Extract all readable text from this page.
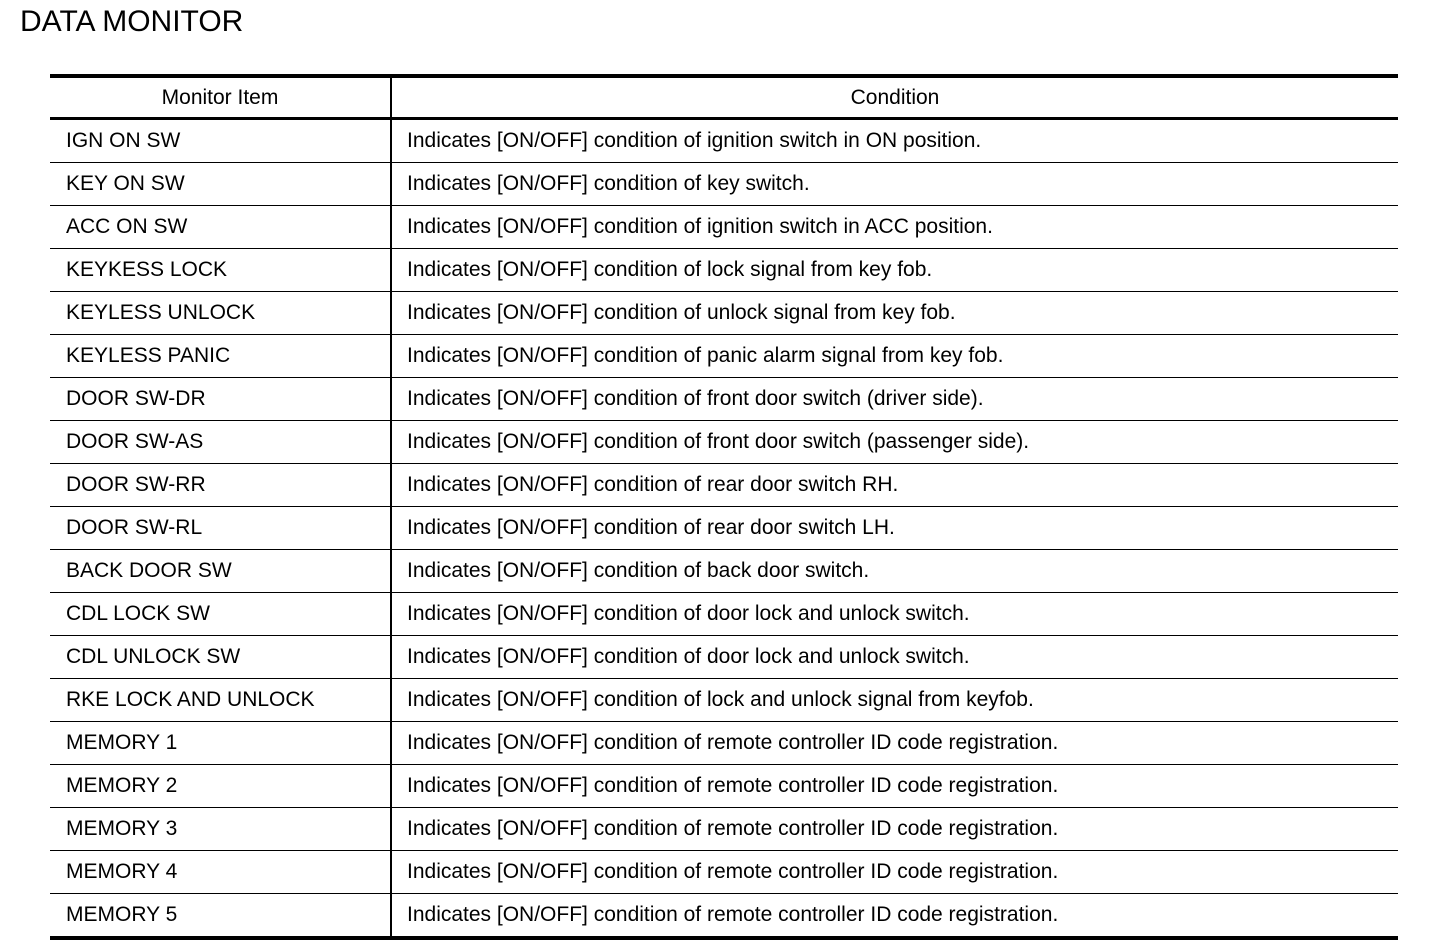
DATA MONITOR
Monitor Item	Condition
IGN ON SW	Indicates [ON/OFF] condition of ignition switch in ON position.
KEY ON SW	Indicates [ON/OFF] condition of key switch.
ACC ON SW	Indicates [ON/OFF] condition of ignition switch in ACC position.
KEYKESS LOCK	Indicates [ON/OFF] condition of lock signal from key fob.
KEYLESS UNLOCK	Indicates [ON/OFF] condition of unlock signal from key fob.
KEYLESS PANIC	Indicates [ON/OFF] condition of panic alarm signal from key fob.
DOOR SW-DR	Indicates [ON/OFF] condition of front door switch (driver side).
DOOR SW-AS	Indicates [ON/OFF] condition of front door switch (passenger side).
DOOR SW-RR	Indicates [ON/OFF] condition of rear door switch RH.
DOOR SW-RL	Indicates [ON/OFF] condition of rear door switch LH.
BACK DOOR SW	Indicates [ON/OFF] condition of back door switch.
CDL LOCK SW	Indicates [ON/OFF] condition of door lock and unlock switch.
CDL UNLOCK SW	Indicates [ON/OFF] condition of door lock and unlock switch.
RKE LOCK AND UNLOCK	Indicates [ON/OFF] condition of lock and unlock signal from keyfob.
MEMORY 1	Indicates [ON/OFF] condition of remote controller ID code registration.
MEMORY 2	Indicates [ON/OFF] condition of remote controller ID code registration.
MEMORY 3	Indicates [ON/OFF] condition of remote controller ID code registration.
MEMORY 4	Indicates [ON/OFF] condition of remote controller ID code registration.
MEMORY 5	Indicates [ON/OFF] condition of remote controller ID code registration.
